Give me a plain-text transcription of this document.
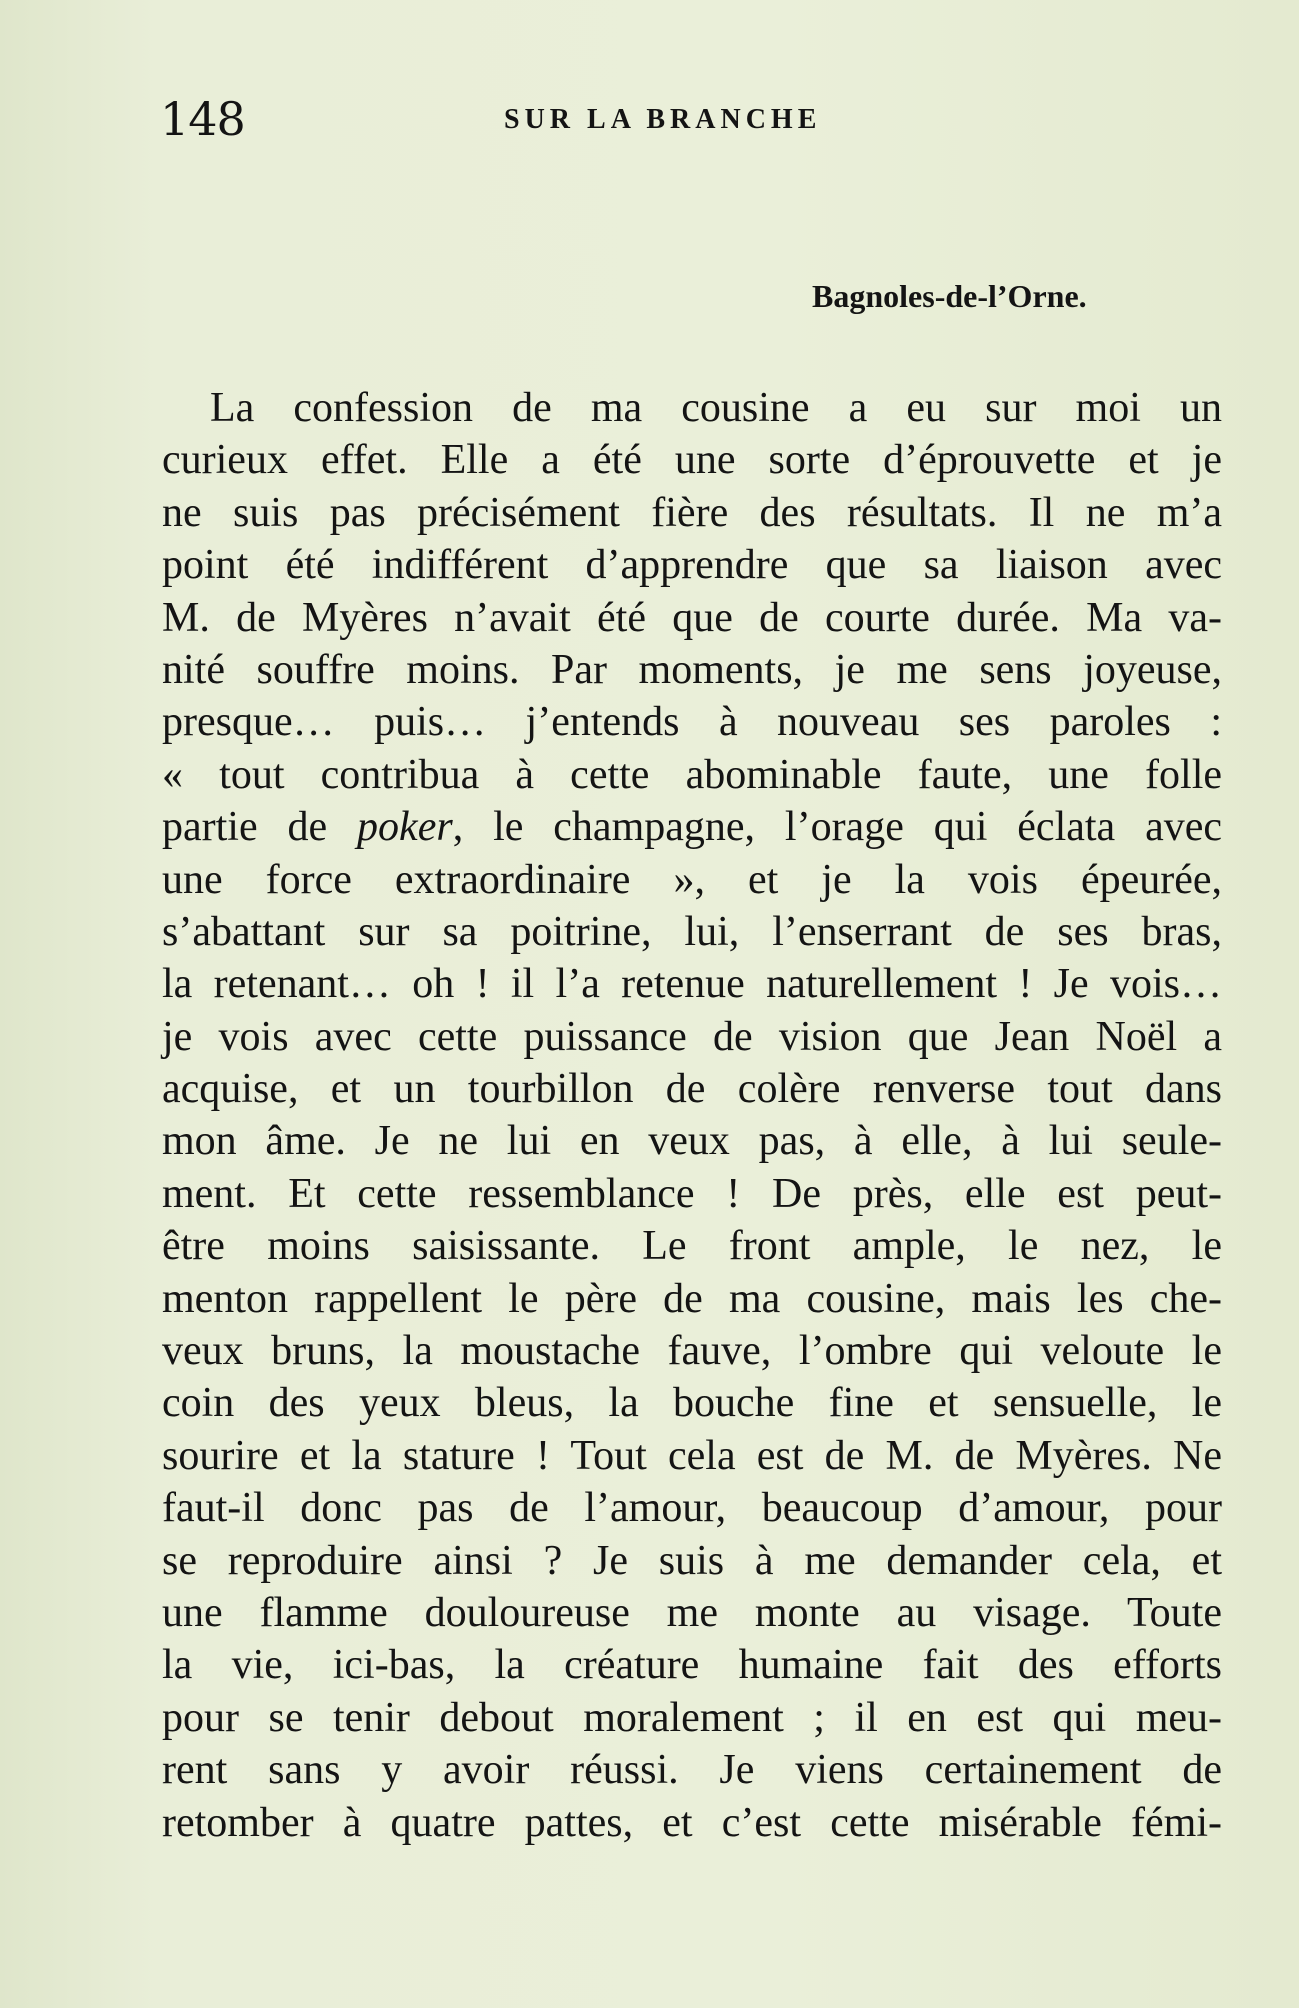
148	SUR LA BRANCHE
Bagnoles-de-l’Orne.
La confession de ma cousine a eu sur moi un
curieux effet. Elle a été une sorte d’éprouvette et je
ne suis pas précisément fière des résultats. Il ne m’a
point été indifférent d’apprendre que sa liaison avec
M. de Myères n’avait été que de courte durée. Ma va-
nité souffre moins. Par moments, je me sens joyeuse,
presque… puis… j’entends à nouveau ses paroles :
« tout contribua à cette abominable faute, une folle
partie de poker, le champagne, l’orage qui éclata avec
une force extraordinaire », et je la vois épeurée,
s’abattant sur sa poitrine, lui, l’enserrant de ses bras,
la retenant… oh ! il l’a retenue naturellement ! Je vois…
je vois avec cette puissance de vision que Jean Noël a
acquise, et un tourbillon de colère renverse tout dans
mon âme. Je ne lui en veux pas, à elle, à lui seule-
ment. Et cette ressemblance ! De près, elle est peut-
être moins saisissante. Le front ample, le nez, le
menton rappellent le père de ma cousine, mais les che-
veux bruns, la moustache fauve, l’ombre qui veloute le
coin des yeux bleus, la bouche fine et sensuelle, le
sourire et la stature ! Tout cela est de M. de Myères. Ne
faut-il donc pas de l’amour, beaucoup d’amour, pour
se reproduire ainsi ? Je suis à me demander cela, et
une flamme douloureuse me monte au visage. Toute
la vie, ici-bas, la créature humaine fait des efforts
pour se tenir debout moralement ; il en est qui meu-
rent sans y avoir réussi. Je viens certainement de
retomber à quatre pattes, et c’est cette misérable fémi-
